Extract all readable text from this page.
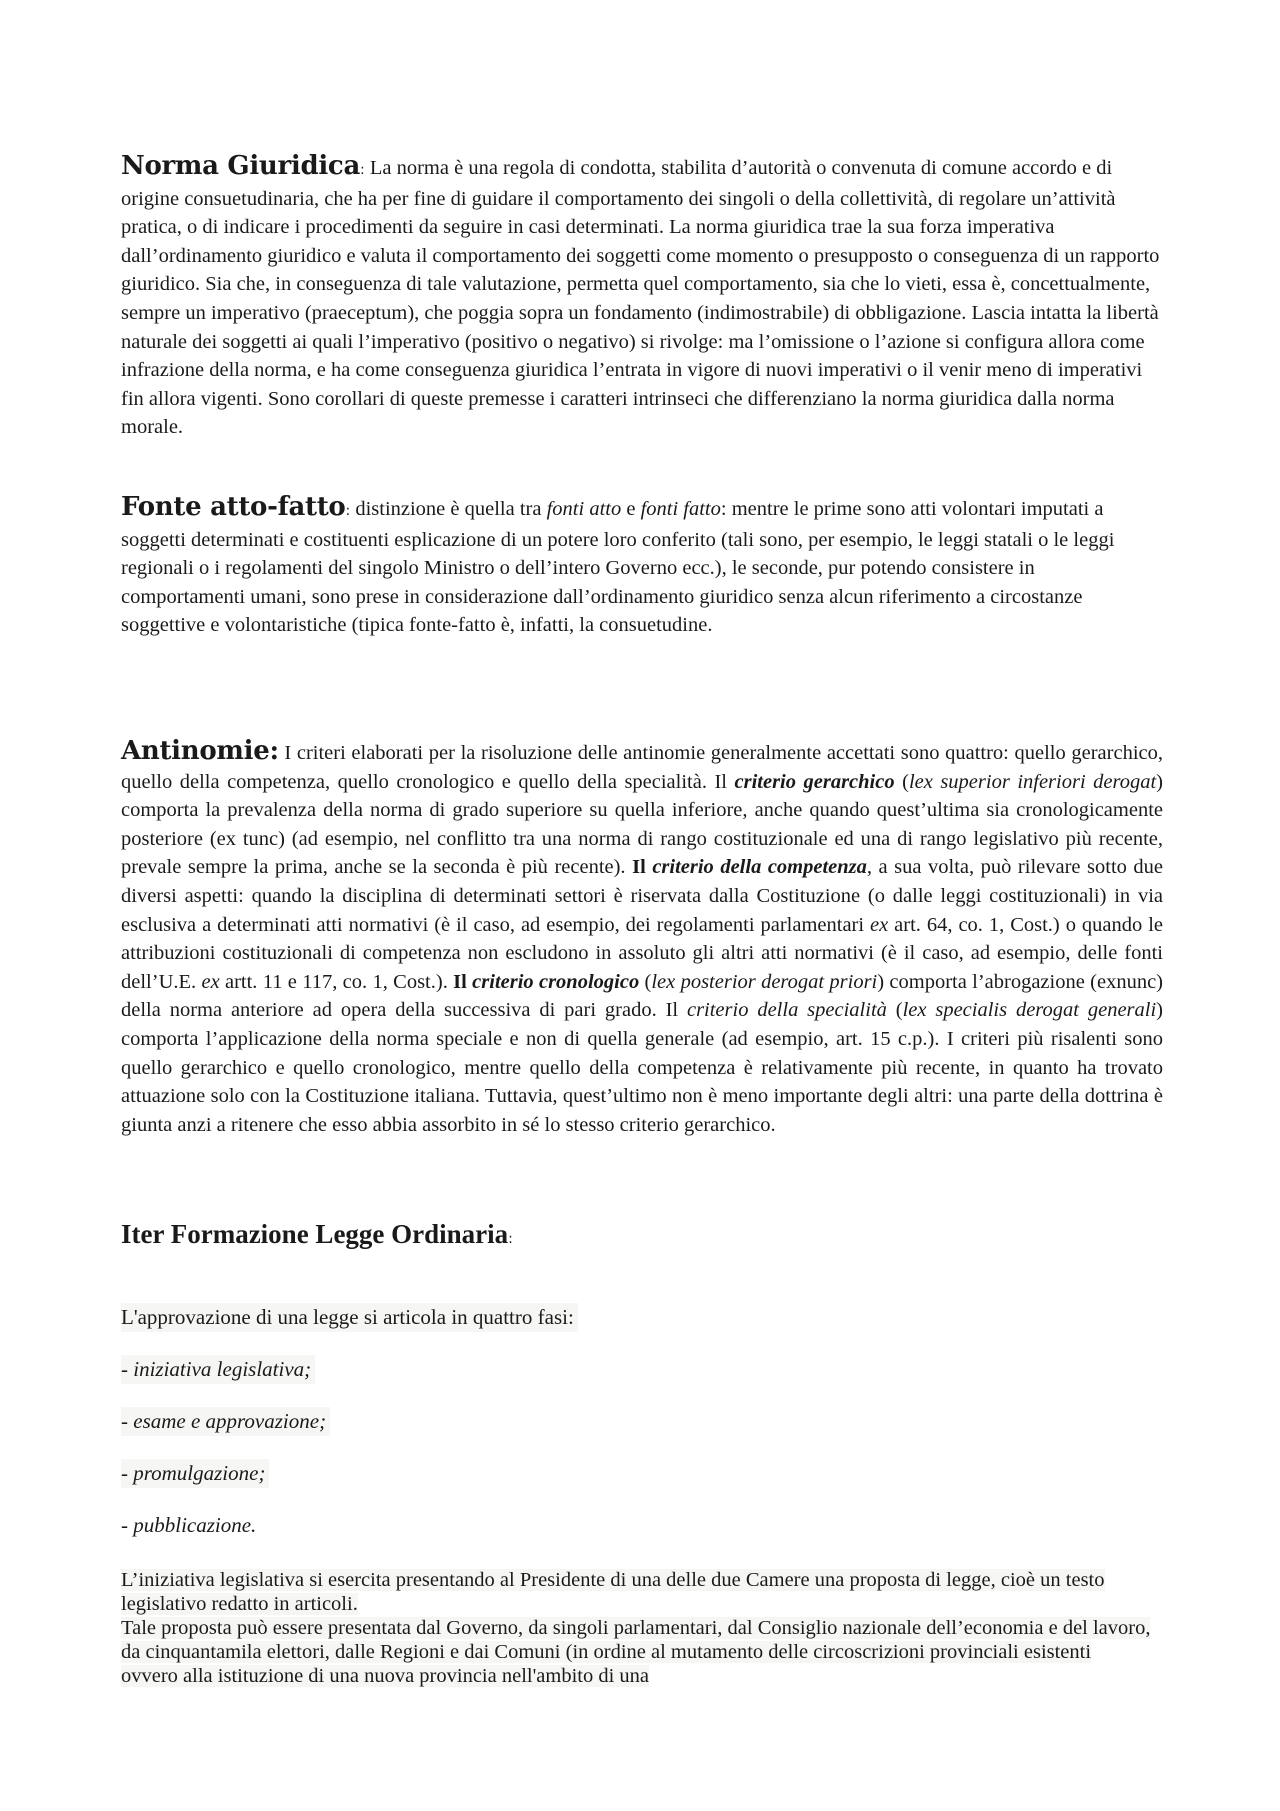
Norma Giuridica: La norma è una regola di condotta, stabilita d’autorità o convenuta di comune accordo e di origine consuetudinaria, che ha per fine di guidare il comportamento dei singoli o della collettività, di regolare un’attività pratica, o di indicare i procedimenti da seguire in casi determinati. La norma giuridica trae la sua forza imperativa dall’ordinamento giuridico e valuta il comportamento dei soggetti come momento o presupposto o conseguenza di un rapporto giuridico. Sia che, in conseguenza di tale valutazione, permetta quel comportamento, sia che lo vieti, essa è, concettualmente, sempre un imperativo (praeceptum), che poggia sopra un fondamento (indimostrabile) di obbligazione. Lascia intatta la libertà naturale dei soggetti ai quali l’imperativo (positivo o negativo) si rivolge: ma l’omissione o l’azione si configura allora come infrazione della norma, e ha come conseguenza giuridica l’entrata in vigore di nuovi imperativi o il venir meno di imperativi fin allora vigenti. Sono corollari di queste premesse i caratteri intrinseci che differenziano la norma giuridica dalla norma morale.
Fonte atto-fatto: distinzione è quella tra fonti atto e fonti fatto: mentre le prime sono atti volontari imputati a soggetti determinati e costituenti esplicazione di un potere loro conferito (tali sono, per esempio, le leggi statali o le leggi regionali o i regolamenti del singolo Ministro o dell’intero Governo ecc.), le seconde, pur potendo consistere in comportamenti umani, sono prese in considerazione dall’ordinamento giuridico senza alcun riferimento a circostanze soggettive e volontaristiche (tipica fonte-fatto è, infatti, la consuetudine.
Antinomie: I criteri elaborati per la risoluzione delle antinomie generalmente accettati sono quattro: quello gerarchico, quello della competenza, quello cronologico e quello della specialità. Il criterio gerarchico (lex superior inferiori derogat) comporta la prevalenza della norma di grado superiore su quella inferiore, anche quando quest’ultima sia cronologicamente posteriore (ex tunc) (ad esempio, nel conflitto tra una norma di rango costituzionale ed una di rango legislativo più recente, prevale sempre la prima, anche se la seconda è più recente). Il criterio della competenza, a sua volta, può rilevare sotto due diversi aspetti: quando la disciplina di determinati settori è riservata dalla Costituzione (o dalle leggi costituzionali) in via esclusiva a determinati atti normativi (è il caso, ad esempio, dei regolamenti parlamentari ex art. 64, co. 1, Cost.) o quando le attribuzioni costituzionali di competenza non escludono in assoluto gli altri atti normativi (è il caso, ad esempio, delle fonti dell’U.E. ex artt. 11 e 117, co. 1, Cost.). Il criterio cronologico (lex posterior derogat priori) comporta l’abrogazione (exnunc) della norma anteriore ad opera della successiva di pari grado. Il criterio della specialità (lex specialis derogat generali) comporta l’applicazione della norma speciale e non di quella generale (ad esempio, art. 15 c.p.). I criteri più risalenti sono quello gerarchico e quello cronologico, mentre quello della competenza è relativamente più recente, in quanto ha trovato attuazione solo con la Costituzione italiana. Tuttavia, quest’ultimo non è meno importante degli altri: una parte della dottrina è giunta anzi a ritenere che esso abbia assorbito in sé lo stesso criterio gerarchico.
Iter Formazione Legge Ordinaria:
L'approvazione di una legge si articola in quattro fasi:
- iniziativa legislativa;
- esame e approvazione;
- promulgazione;
- pubblicazione.
L’iniziativa legislativa si esercita presentando al Presidente di una delle due Camere una proposta di legge, cioè un testo legislativo redatto in articoli.
Tale proposta può essere presentata dal Governo, da singoli parlamentari, dal Consiglio nazionale dell’economia e del lavoro, da cinquantamila elettori, dalle Regioni e dai Comuni (in ordine al mutamento delle circoscrizioni provinciali esistenti ovvero alla istituzione di una nuova provincia nell'ambito di una
